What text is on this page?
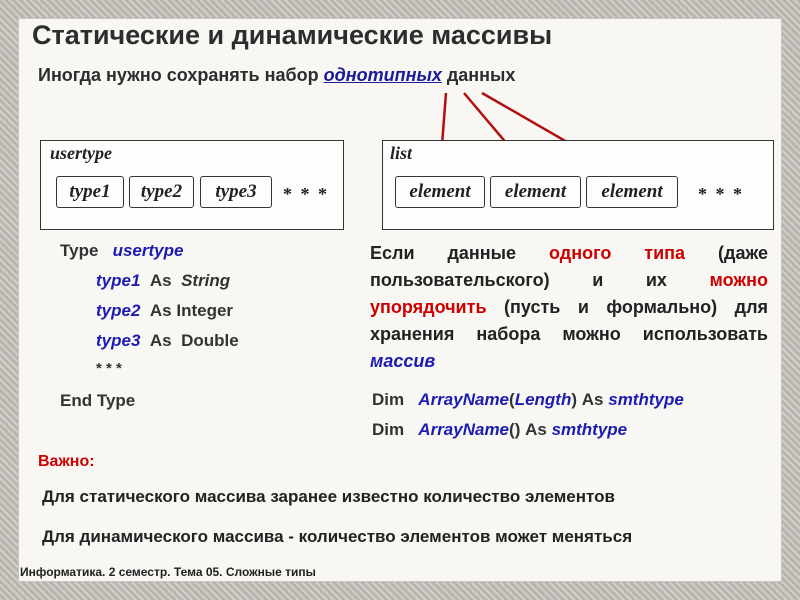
Статические и динамические массивы
Иногда нужно сохранять набор однотипных данных
usertype
type1	type2	type3	* * *
list
element	element	element	* * *
Type usertype
type1 As String
type2 As Integer
type3 As Double
* * *
End Type
Если данные одного типа (даже пользовательского) и их можно упорядочить (пусть и формально) для хранения набора можно использовать массив
Dim ArrayName(Length) As smthtype
Dim ArrayName() As smthtype
Важно:
Для статического массива заранее известно количество элементов
Для динамического массива - количество элементов может меняться
Информатика. 2 семестр. Тема 05. Сложные типы
